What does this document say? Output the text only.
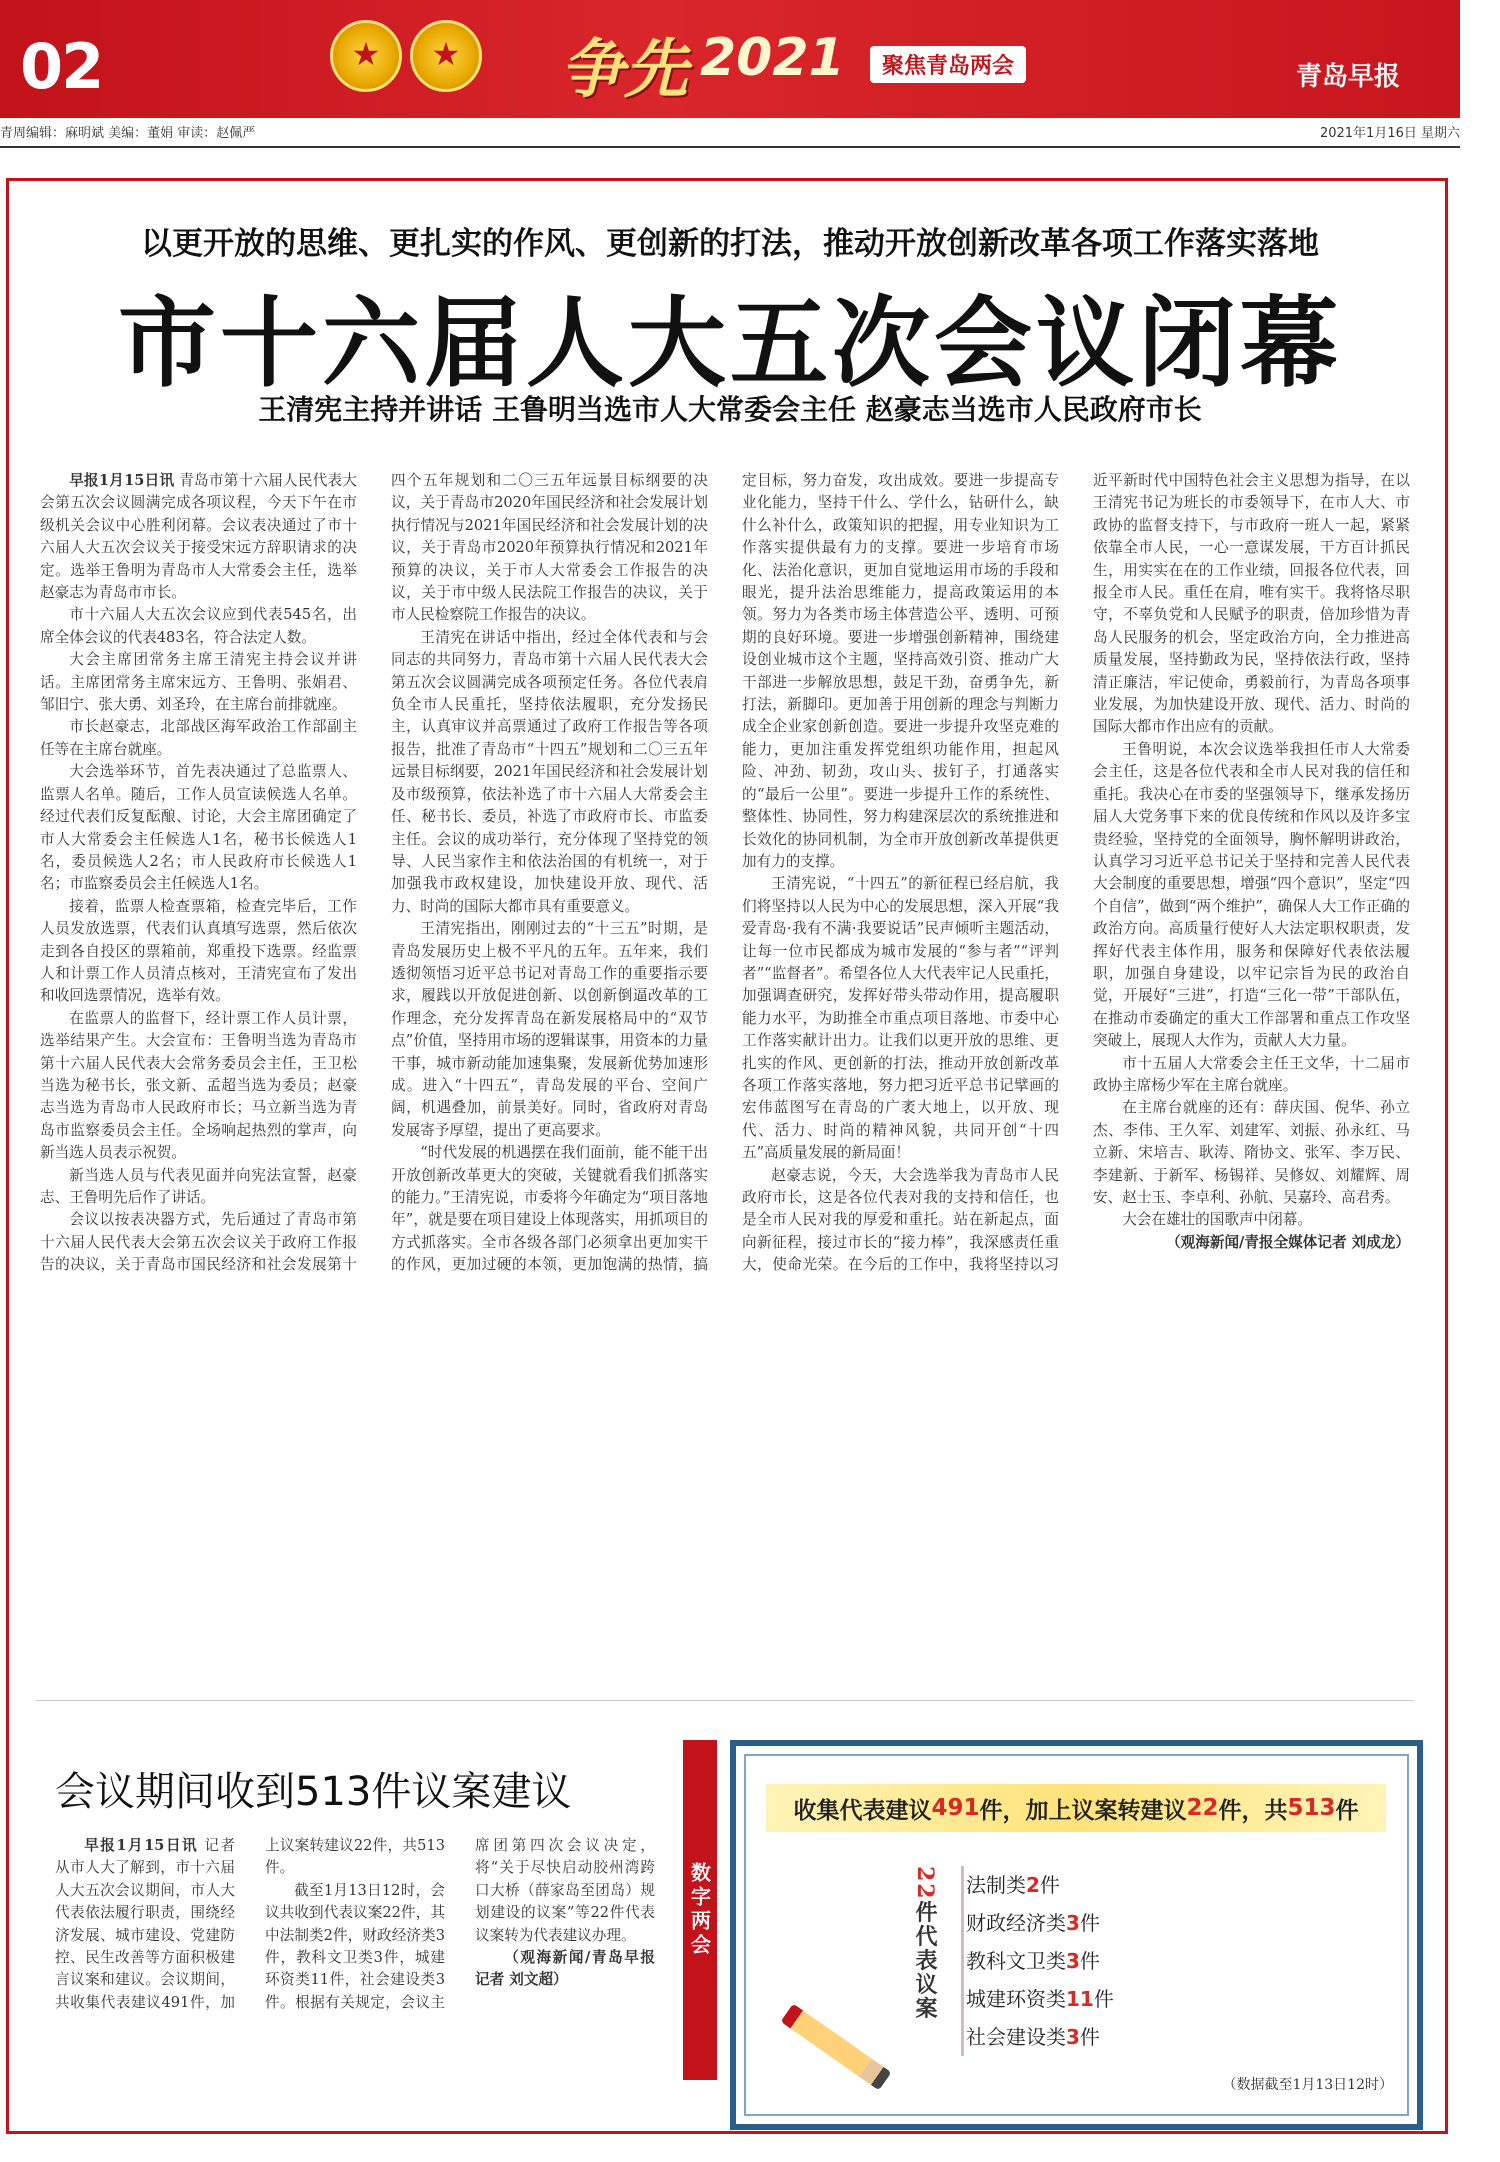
02 ★ ★	争先 2021	聚焦青岛两会	青岛早报
青周编辑：麻明斌 美编：董娟 审读：赵佩严	2021年1月16日 星期六
以更开放的思维、更扎实的作风、更创新的打法，推动开放创新改革各项工作落实落地
市十六届人大五次会议闭幕
王清宪主持并讲话 王鲁明当选市人大常委会主任 赵豪志当选市人民政府市长

早报1月15日讯 青岛市第十六届人民代表大会第五次会议圆满完成各项议程，今天下午在市级机关会议中心胜利闭幕。会议表决通过了市十六届人大五次会议关于接受宋远方辞职请求的决定。选举王鲁明为青岛市人大常委会主任，选举赵豪志为青岛市市长。

市十六届人大五次会议应到代表545名，出席全体会议的代表483名，符合法定人数。

大会主席团常务主席王清宪主持会议并讲话。主席团常务主席宋远方、王鲁明、张娟君、邹旧宁、张大勇、刘圣玲，在主席台前排就座。

市长赵豪志，北部战区海军政治工作部副主任等在主席台就座。

大会选举环节，首先表决通过了总监票人、监票人名单。随后，工作人员宣读候选人名单。经过代表们反复酝酿、讨论，大会主席团确定了市人大常委会主任候选人1名，秘书长候选人1名，委员候选人2名；市人民政府市长候选人1名；市监察委员会主任候选人1名。

接着，监票人检查票箱，检查完毕后，工作人员发放选票，代表们认真填写选票，然后依次走到各自投区的票箱前，郑重投下选票。经监票人和计票工作人员清点核对，王清宪宣布了发出和收回选票情况，选举有效。

在监票人的监督下，经计票工作人员计票，选举结果产生。大会宣布：王鲁明当选为青岛市第十六届人民代表大会常务委员会主任，王卫松当选为秘书长，张文新、孟超当选为委员；赵豪志当选为青岛市人民政府市长；马立新当选为青岛市监察委员会主任。全场响起热烈的掌声，向新当选人员表示祝贺。

新当选人员与代表见面并向宪法宣誓，赵豪志、王鲁明先后作了讲话。

会议以按表决器方式，先后通过了青岛市第十六届人民代表大会第五次会议关于政府工作报告的决议，关于青岛市国民经济和社会发展第十四个五年规划和二〇三五年远景目标纲要的决议，关于青岛市2020年国民经济和社会发展计划执行情况与2021年国民经济和社会发展计划的决议，关于青岛市2020年预算执行情况和2021年预算的决议，关于市人大常委会工作报告的决议，关于市中级人民法院工作报告的决议，关于市人民检察院工作报告的决议。

王清宪在讲话中指出，经过全体代表和与会同志的共同努力，青岛市第十六届人民代表大会第五次会议圆满完成各项预定任务。各位代表肩负全市人民重托，坚持依法履职，充分发扬民主，认真审议并高票通过了政府工作报告等各项报告，批准了青岛市“十四五”规划和二〇三五年远景目标纲要，2021年国民经济和社会发展计划及市级预算，依法补选了市十六届人大常委会主任、秘书长、委员，补选了市政府市长、市监委主任。会议的成功举行，充分体现了坚持党的领导、人民当家作主和依法治国的有机统一，对于加强我市政权建设，加快建设开放、现代、活力、时尚的国际大都市具有重要意义。

王清宪指出，刚刚过去的“十三五”时期，是青岛发展历史上极不平凡的五年。五年来，我们透彻领悟习近平总书记对青岛工作的重要指示要求，履践以开放促进创新、以创新倒逼改革的工作理念，充分发挥青岛在新发展格局中的“双节点”价值，坚持用市场的逻辑谋事，用资本的力量干事，城市新动能加速集聚，发展新优势加速形成。进入“十四五”，青岛发展的平台、空间广阔，机遇叠加，前景美好。同时，省政府对青岛发展寄予厚望，提出了更高要求。

“时代发展的机遇摆在我们面前，能不能干出开放创新改革更大的突破，关键就看我们抓落实的能力。”王清宪说，市委将今年确定为“项目落地年”，就是要在项目建设上体现落实，用抓项目的方式抓落实。全市各级各部门必须拿出更加实干的作风，更加过硬的本领，更加饱满的热情，搞定目标，努力奋发，攻出成效。要进一步提高专业化能力，坚持干什么、学什么，钻研什么，缺什么补什么，政策知识的把握，用专业知识为工作落实提供最有力的支撑。要进一步培育市场化、法治化意识，更加自觉地运用市场的手段和眼光，提升法治思维能力，提高政策运用的本领。努力为各类市场主体营造公平、透明、可预期的良好环境。要进一步增强创新精神，围绕建设创业城市这个主题，坚持高效引资、推动广大干部进一步解放思想，鼓足干劲，奋勇争先，新打法，新脚印。更加善于用创新的理念与判断力成全企业家创新创造。要进一步提升攻坚克难的能力，更加注重发挥党组织功能作用，担起风险、冲劲、韧劲，攻山头、拔钉子，打通落实的“最后一公里”。要进一步提升工作的系统性、整体性、协同性，努力构建深层次的系统推进和长效化的协同机制，为全市开放创新改革提供更加有力的支撑。

王清宪说，“十四五”的新征程已经启航，我们将坚持以人民为中心的发展思想，深入开展“我爱青岛·我有不满·我要说话”民声倾听主题活动，让每一位市民都成为城市发展的“参与者”“评判者”“监督者”。希望各位人大代表牢记人民重托，加强调查研究，发挥好带头带动作用，提高履职能力水平，为助推全市重点项目落地、市委中心工作落实献计出力。让我们以更开放的思维、更扎实的作风、更创新的打法，推动开放创新改革各项工作落实落地，努力把习近平总书记擘画的宏伟蓝图写在青岛的广袤大地上，以开放、现代、活力、时尚的精神风貌，共同开创“十四五”高质量发展的新局面！

赵豪志说，今天，大会选举我为青岛市人民政府市长，这是各位代表对我的支持和信任，也是全市人民对我的厚爱和重托。站在新起点，面向新征程，接过市长的“接力棒”，我深感责任重大，使命光荣。在今后的工作中，我将坚持以习近平新时代中国特色社会主义思想为指导，在以王清宪书记为班长的市委领导下，在市人大、市政协的监督支持下，与市政府一班人一起，紧紧依靠全市人民，一心一意谋发展，干方百计抓民生，用实实在在的工作业绩，回报各位代表，回报全市人民。重任在肩，唯有实干。我将恪尽职守，不辜负党和人民赋予的职责，倍加珍惜为青岛人民服务的机会，坚定政治方向，全力推进高质量发展，坚持勤政为民，坚持依法行政，坚持清正廉洁，牢记使命，勇毅前行，为青岛各项事业发展，为加快建设开放、现代、活力、时尚的国际大都市作出应有的贡献。

王鲁明说，本次会议选举我担任市人大常委会主任，这是各位代表和全市人民对我的信任和重托。我决心在市委的坚强领导下，继承发扬历届人大党务事下来的优良传统和作风以及许多宝贵经验，坚持党的全面领导，胸怀解明讲政治，认真学习习近平总书记关于坚持和完善人民代表大会制度的重要思想，增强“四个意识”，坚定“四个自信”，做到“两个维护”，确保人大工作正确的政治方向。高质量行使好人大法定职权职责，发挥好代表主体作用，服务和保障好代表依法履职，加强自身建设，以牢记宗旨为民的政治自觉，开展好“三进”，打造“三化一带”干部队伍，在推动市委确定的重大工作部署和重点工作攻坚突破上，展现人大作为，贡献人大力量。

市十五届人大常委会主任王文华，十二届市政协主席杨少军在主席台就座。

在主席台就座的还有：薛庆国、倪华、孙立杰、李伟、王久军、刘建军、刘振、孙永红、马立新、宋培吉、耿涛、隋协文、张军、李万民、李建新、于新军、杨锡祥、吴修奴、刘耀辉、周安、赵士玉、李卓利、孙航、吴嘉玲、高君秀。

大会在雄壮的国歌声中闭幕。

（观海新闻/青报全媒体记者 刘成龙）

会议期间收到513件议案建议

早报1月15日讯 记者从市人大了解到，市十六届人大五次会议期间，市人大代表依法履行职责，围绕经济发展、城市建设、党建防控、民生改善等方面积极建言议案和建议。会议期间，共收集代表建议491件，加上议案转建议22件，共513件。

截至1月13日12时，会议共收到代表议案22件，其中法制类2件，财政经济类3件，教科文卫类3件，城建环资类11件，社会建设类3件。根据有关规定，会议主席团第四次会议决定，将“关于尽快启动胶州湾跨口大桥（薛家岛至团岛）规划建设的议案”等22件代表议案转为代表建议办理。

（观海新闻/青岛早报记者 刘文超）

数字两会
收集代表建议 491 件，加上议案转建议 22 件，共 513 件
22件代表议案
法制类2件
财政经济类3件
教科文卫类3件
城建环资类11件
社会建设类3件
（数据截至1月13日12时）
